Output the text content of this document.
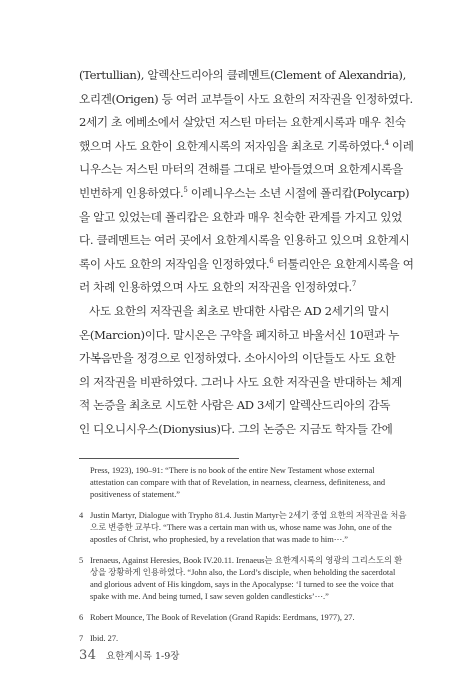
(Tertullian), 알렉산드리아의 클레멘트(Clement of Alexandria),
오리겐(Origen) 등 여러 교부들이 사도 요한의 저작권을 인정하였다.
2세기 초 에베소에서 살았던 저스틴 마터는 요한계시록과 매우 친숙
했으며 사도 요한이 요한계시록의 저자임을 최초로 기록하였다.$^4$ 이레
니우스는 저스틴 마터의 견해를 그대로 받아들였으며 요한계시록을
빈번하게 인용하였다.$^5$ 이레니우스는 소년 시절에 폴리캅(Polycarp)
을 알고 있었는데 폴리캅은 요한과 매우 친숙한 관계를 가지고 있었
다. 클레멘트는 여러 곳에서 요한계시록을 인용하고 있으며 요한계시
록이 사도 요한의 저작임을 인정하였다.$^6$ 터툴리안은 요한계시록을 여
러 차례 인용하였으며 사도 요한의 저작권을 인정하였다.$^7$
사도 요한의 저작권을 최초로 반대한 사람은 AD 2세기의 말시
온(Marcion)이다. 말시온은 구약을 폐지하고 바울서신 10편과 누
가복음만을 정경으로 인정하였다. 소아시아의 이단들도 사도 요한
의 저작권을 비판하였다. 그러나 사도 요한 저작권을 반대하는 체계
적 논증을 최초로 시도한 사람은 AD 3세기 알렉산드리아의 감독
인 디오니시우스(Dionysius)다. 그의 논증은 지금도 학자들 간에
Press, 1923), 190–91: “There is no book of the entire New Testament whose external
attestation can compare with that of Revelation, in nearness, clearness, definiteness, and
positiveness of statement.”
4 Justin Martyr, Dialogue with Trypho 81.4. Justin Martyr는 2세기 중엽 요한의 저작권을 처음
으로 변증한 교부다. “There was a certain man with us, whose name was John, one of the
apostles of Christ, who prophesied, by a revelation that was made to him⋯.”
5 Irenaeus, Against Heresies, Book IV.20.11. Irenaeus는 요한계시록의 영광의 그리스도의 환
상을 장황하게 인용하였다. “John also, the Lord’s disciple, when beholding the sacerdotal
and glorious advent of His kingdom, says in the Apocalypse: ‘I turned to see the voice that
spake with me. And being turned, I saw seven golden candlesticks’⋯.”
6 Robert Mounce, The Book of Revelation (Grand Rapids: Eerdmans, 1977), 27.
7 Ibid. 27.
34 요한계시록 1-9장
